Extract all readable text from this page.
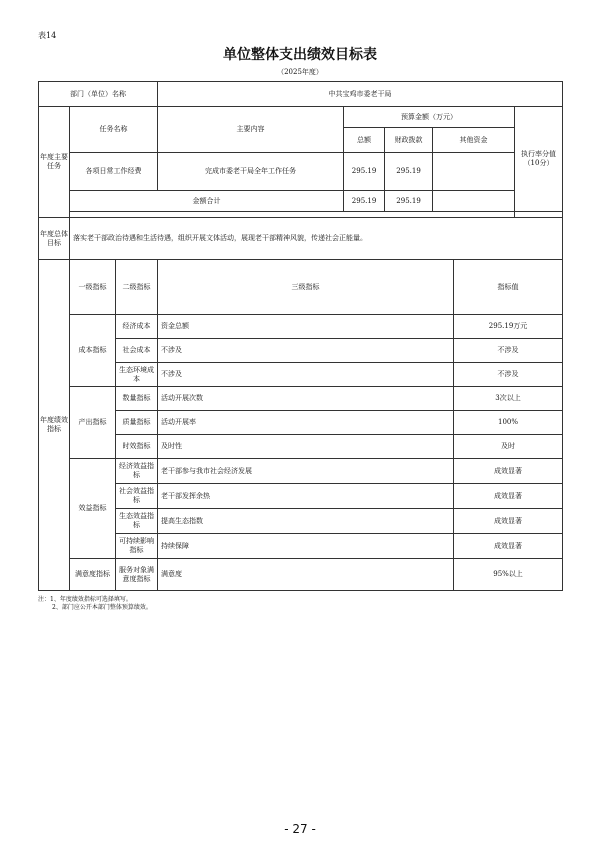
表14
单位整体支出绩效目标表
（2025年度）
部门（单位）名称			中共宝鸡市委老干局						
年度主要任务	任务名称		主要内容	预算金额（万元）				执行率分值（10分）	
				总额	财政拨款	其他资金			
	各项日常工作经费		完成市委老干局全年工作任务	295.19	295.19				
	金额合计			295.19	295.19				

年度总体目标	落实老干部政治待遇和生活待遇，组织开展文体活动，展现老干部精神风貌，传递社会正能量。								
年度绩效指标	一级指标	二级指标	三级指标				指标值	
	成本指标	经济成本	资金总额				295.19万元	
		社会成本	不涉及				不涉及		
		生态环境成本	不涉及				不涉及		
	产出指标	数量指标	活动开展次数				3次以上	
		质量指标	活动开展率				100%	
		时效指标	及时性				及时	
	效益指标	经济效益指标	老干部参与我市社会经济发展				成效显著	
		社会效益指标	老干部发挥余热				成效显著	
		生态效益指标	提高生态指数				成效显著	
		可持续影响指标	持续保障				成效显著	
	满意度指标	服务对象满意度指标	满意度				95%以上	
注：1、年度绩效指标可选择填写。
2、部门应公开本部门整体预算绩效。
- 27 -
